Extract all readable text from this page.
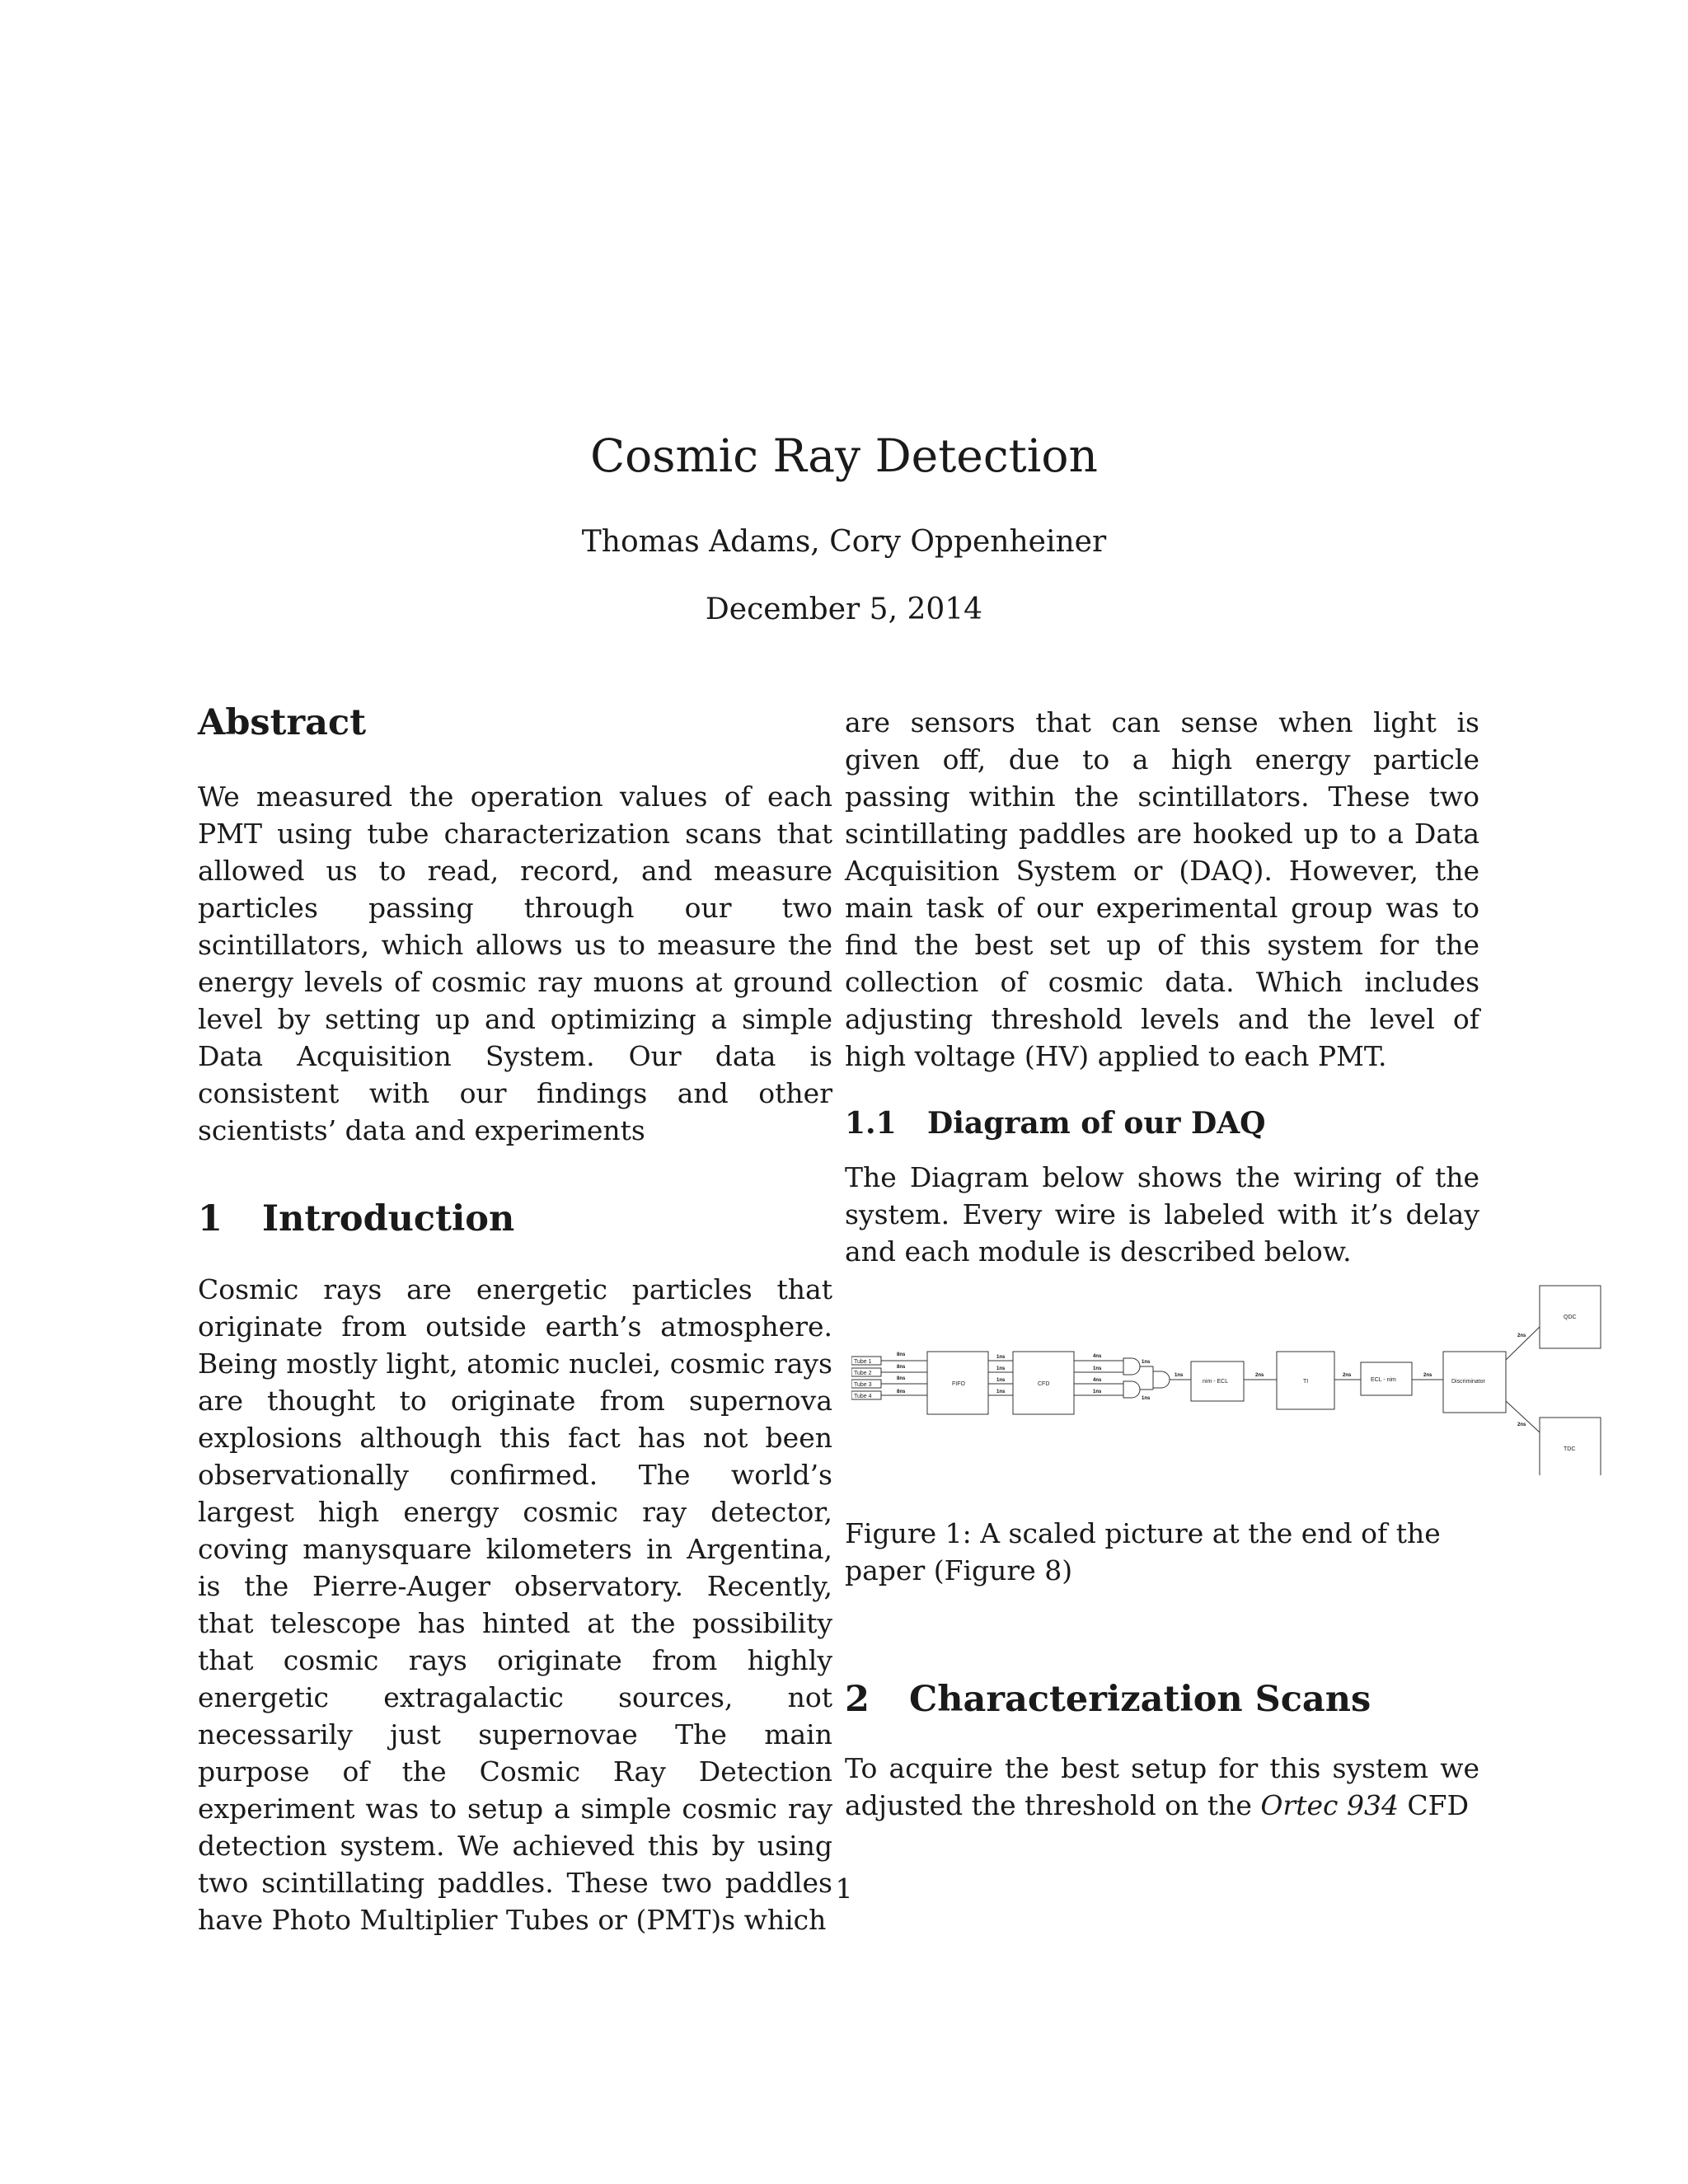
Cosmic Ray Detection
Thomas Adams, Cory Oppenheiner
December 5, 2014
Abstract

We measured the operation values of each PMT using tube characterization scans that allowed us to read, record, and measure particles passing through our two scintillators, which allows us to measure the energy levels of cosmic ray muons at ground level by setting up and optimizing a simple Data Acquisition System. Our data is consistent with our findings and other scientists’ data and experiments

1 Introduction

Cosmic rays are energetic particles that originate from outside earth’s atmosphere. Being mostly light, atomic nuclei, cosmic rays are thought to originate from supernova explosions although this fact has not been observationally confirmed. The world’s largest high energy cosmic ray detector, coving manysquare kilometers in Argentina, is the Pierre-Auger observatory. Recently, that telescope has hinted at the possibility that cosmic rays originate from highly energetic extragalactic sources, not necessarily just supernovae The main purpose of the Cosmic Ray Detection experiment was to setup a simple cosmic ray detection system. We achieved this by using two scintillating paddles. These two paddles have Photo Multiplier Tubes or (PMT)s which

are sensors that can sense when light is given off, due to a high energy particle passing within the scintillators. These two scintillating paddles are hooked up to a Data Acquisition System or (DAQ). However, the main task of our experimental group was to find the best set up of this system for the collection of cosmic data. Which includes adjusting threshold levels and the level of high voltage (HV) applied to each PMT.

1.1 Diagram of our DAQ

The Diagram below shows the wiring of the system. Every wire is labeled with it’s delay and each module is described below.

Tube 1
Tube 2
Tube 3
Tube 4
FIFO	CFD	nim - ECL	TI	ECL - nim	Discriminator
QDC
TDC
8ns
8ns
8ns
8ns
1ns
1ns
1ns
1ns
4ns
1ns
4ns
1ns
1ns
1ns
1ns	2ns	2ns	2ns
2ns
2ns

Figure 1: A scaled picture at the end of the paper (Figure 8)

2 Characterization Scans

To acquire the best setup for this system we adjusted the threshold on the Ortec 934 CFD

1
